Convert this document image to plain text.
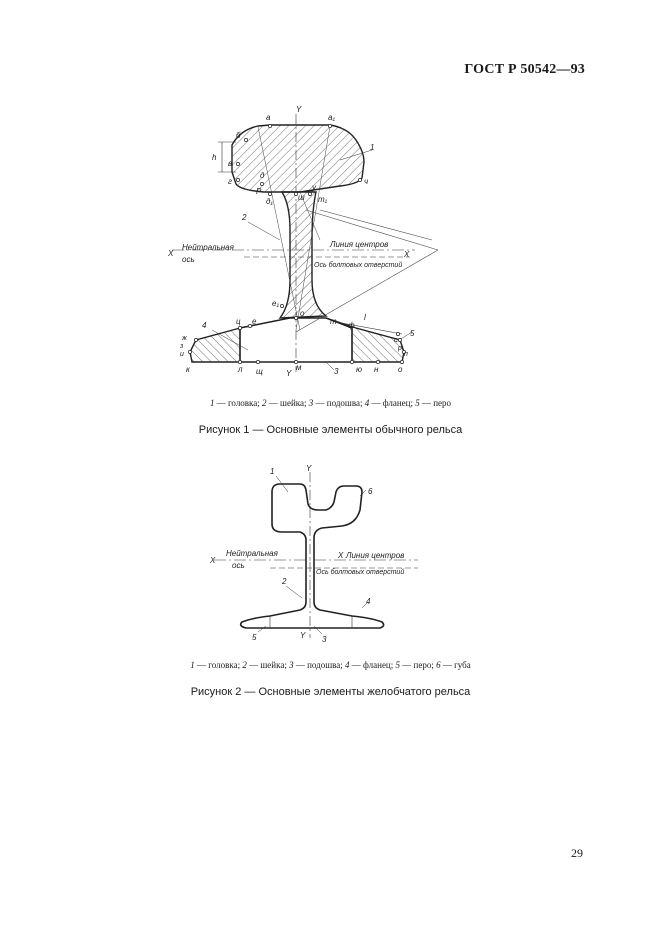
ГОСТ Р 50542—93
а
Y
а₁
б
h
в
г
1
ч
P
д
д₁	ш
у
т₁
2
X
Нейтральная
ось
Линия центров
X
Ось болтовых отверстий
е₁
о
т	l
4	ц е	ф
5
ж
з
и
с
р
п
к	л щ	Y
м	3 ю н о
1 — головка; 2 — шейка; 3 — подошва; 4 — фланец; 5 — перо
Рисунок 1 — Основные элементы обычного рельса
1	Y
6
X
Нейтральная
ось
X Линия центров
Ось болтовых отверстий
2
4
5	Y 3
1 — головка; 2 — шейка; 3 — подошва; 4 — фланец; 5 — перо; 6 — губа
Рисунок 2 — Основные элементы желобчатого рельса
29
